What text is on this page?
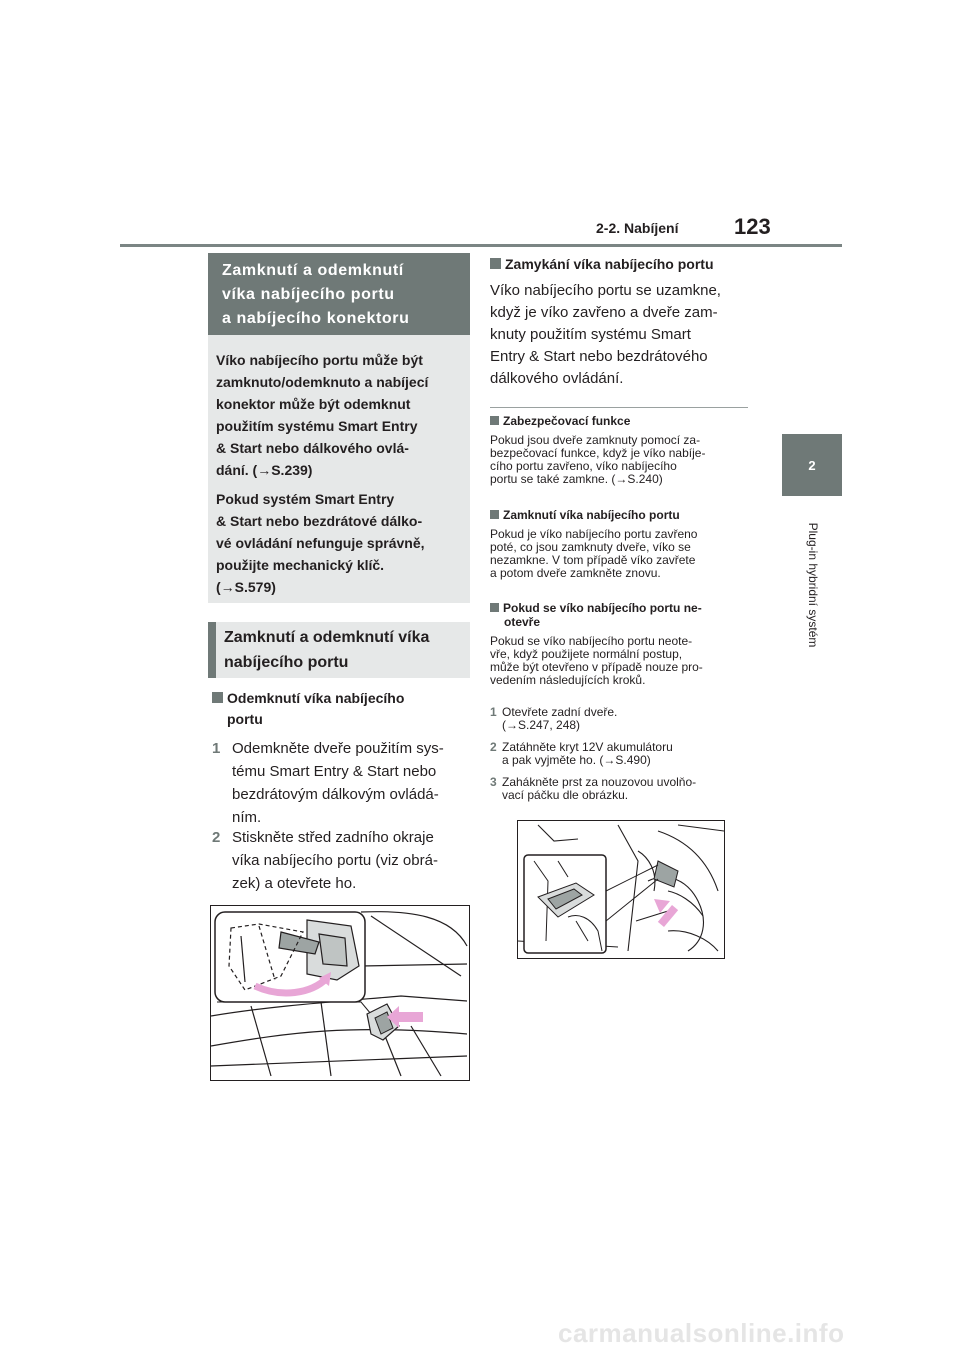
2-2. Nabíjení	123
2
Plug-in hybridní systém
Zamknutí a odemknutí
víka nabíjecího portu
a nabíjecího konektoru

Víko nabíjecího portu může být

zamknuto/odemknuto a nabíjecí

konektor může být odemknut

použitím systému Smart Entry

& Start nebo dálkového ovlá-

dání. (→S.239)

Pokud systém Smart Entry

& Start nebo bezdrátové dálko-

vé ovládání nefunguje správně,

použijte mechanický klíč.

(→S.579)

Zamknutí a odemknutí víka
nabíjecího portu
Odemknutí víka nabíjecího
portu
1 Odemkněte dveře použitím sys-
tému Smart Entry & Start nebo
bezdrátovým dálkovým ovládá-
ním.
2 Stiskněte střed zadního okraje
víka nabíjecího portu (viz obrá-
zek) a otevřete ho.
Zamykání víka nabíjecího portu
Víko nabíjecího portu se uzamkne,
když je víko zavřeno a dveře zam-
knuty použitím systému Smart
Entry & Start nebo bezdrátového
dálkového ovládání.
Zabezpečovací funkce
Pokud jsou dveře zamknuty pomocí za-
bezpečovací funkce, když je víko nabíje-
cího portu zavřeno, víko nabíjecího
portu se také zamkne. (→S.240)
Zamknutí víka nabíjecího portu
Pokud je víko nabíjecího portu zavřeno
poté, co jsou zamknuty dveře, víko se
nezamkne. V tom případě víko zavřete
a potom dveře zamkněte znovu.
Pokud se víko nabíjecího portu ne-
otevře
Pokud se víko nabíjecího portu neote-
vře, když použijete normální postup,
může být otevřeno v případě nouze pro-
vedením následujících kroků.
1 Otevřete zadní dveře.
(→S.247, 248)
2 Zatáhněte kryt 12V akumulátoru
a pak vyjměte ho. (→S.490)
3 Zahákněte prst za nouzovou uvolňo-
vací páčku dle obrázku.
carmanualsonline.info
